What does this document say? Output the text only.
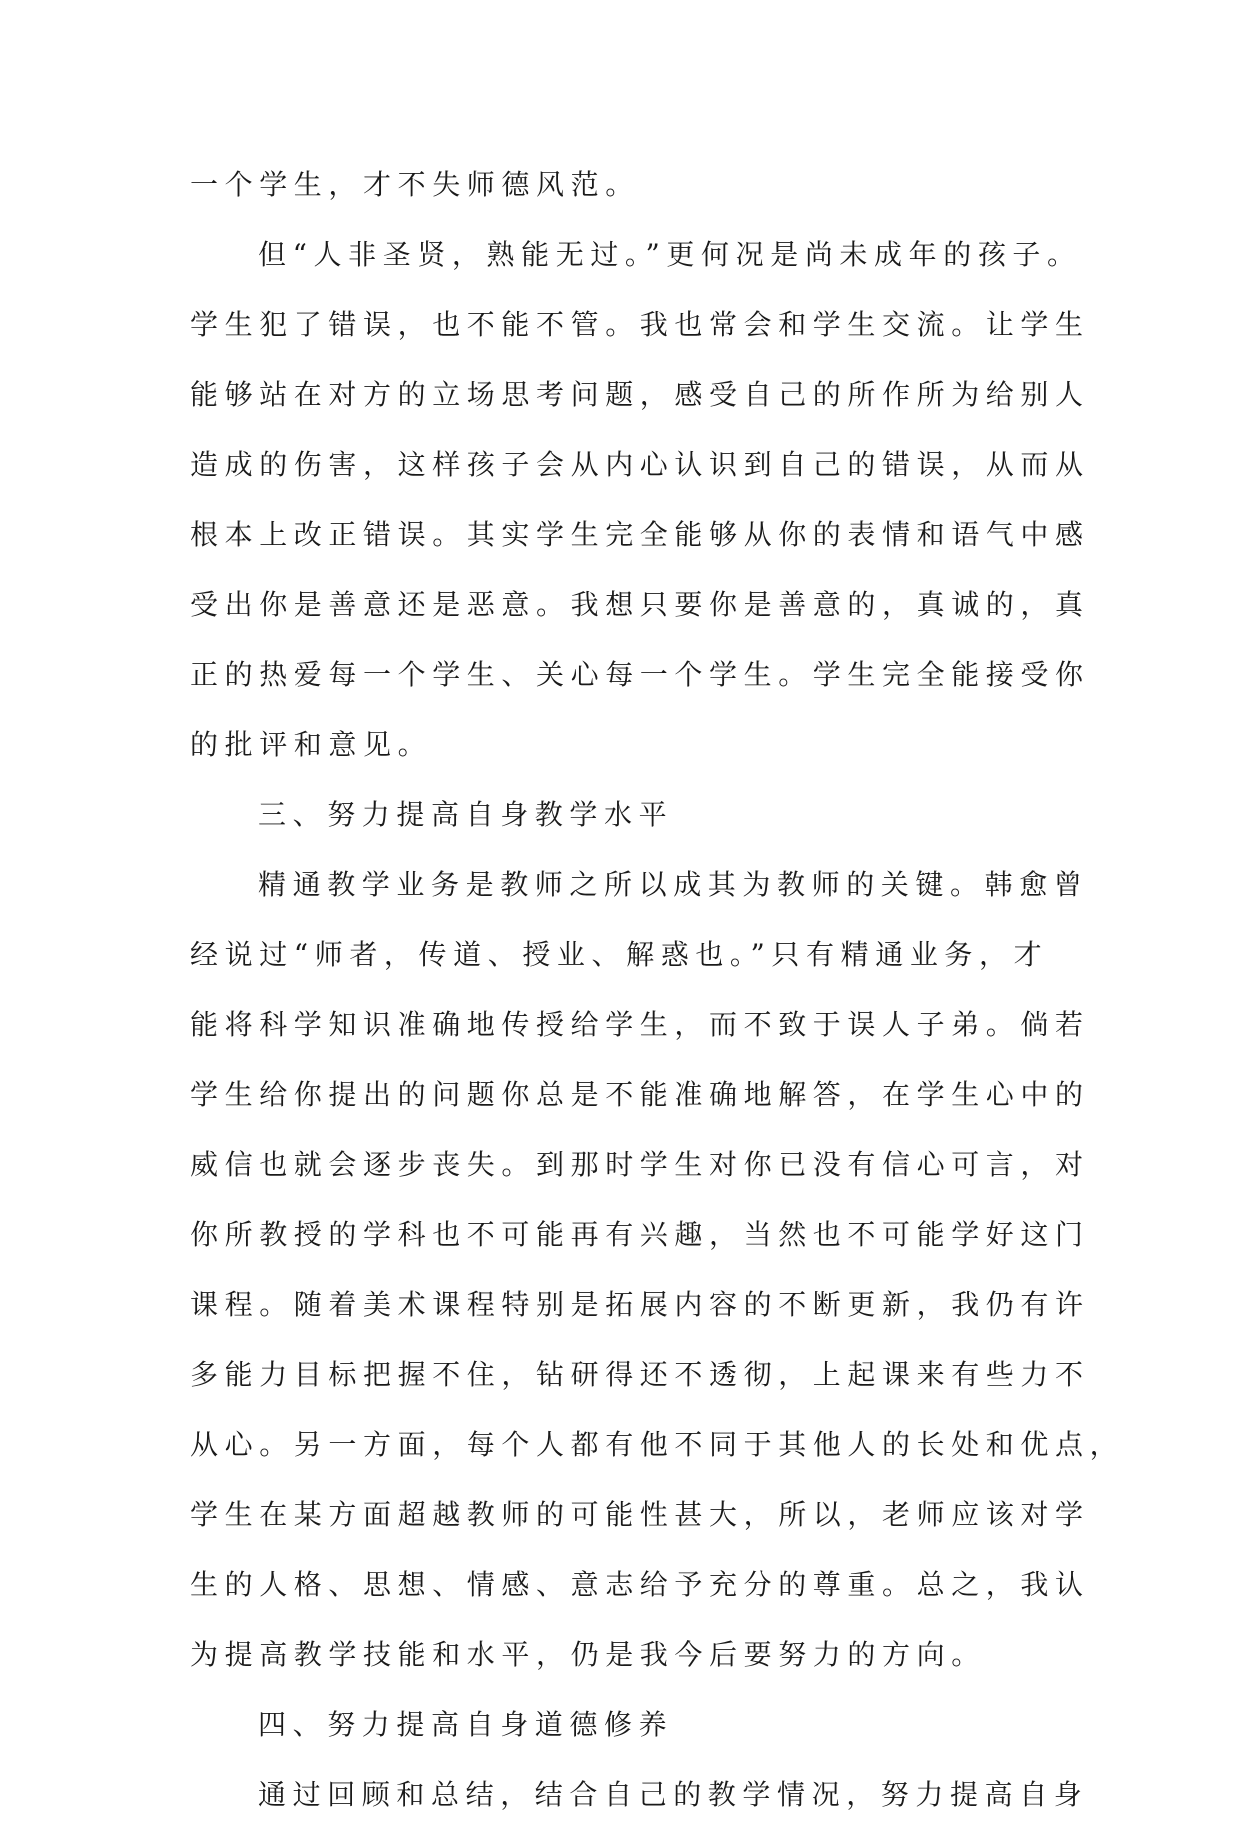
一个学生，才不失师德风范。

但“人非圣贤，熟能无过。”更何况是尚未成年的孩子。

学生犯了错误，也不能不管。我也常会和学生交流。让学生

能够站在对方的立场思考问题，感受自己的所作所为给别人

造成的伤害，这样孩子会从内心认识到自己的错误，从而从

根本上改正错误。其实学生完全能够从你的表情和语气中感

受出你是善意还是恶意。我想只要你是善意的，真诚的，真

正的热爱每一个学生、关心每一个学生。学生完全能接受你

的批评和意见。

三、努力提高自身教学水平

精通教学业务是教师之所以成其为教师的关键。韩愈曾

经说过“师者，传道、授业、解惑也。”只有精通业务，才

能将科学知识准确地传授给学生，而不致于误人子弟。倘若

学生给你提出的问题你总是不能准确地解答，在学生心中的

威信也就会逐步丧失。到那时学生对你已没有信心可言，对

你所教授的学科也不可能再有兴趣，当然也不可能学好这门

课程。随着美术课程特别是拓展内容的不断更新，我仍有许

多能力目标把握不住，钻研得还不透彻，上起课来有些力不

从心。另一方面，每个人都有他不同于其他人的长处和优点，

学生在某方面超越教师的可能性甚大，所以，老师应该对学

生的人格、思想、情感、意志给予充分的尊重。总之，我认

为提高教学技能和水平，仍是我今后要努力的方向。

四、努力提高自身道德修养

通过回顾和总结，结合自己的教学情况，努力提高自身
